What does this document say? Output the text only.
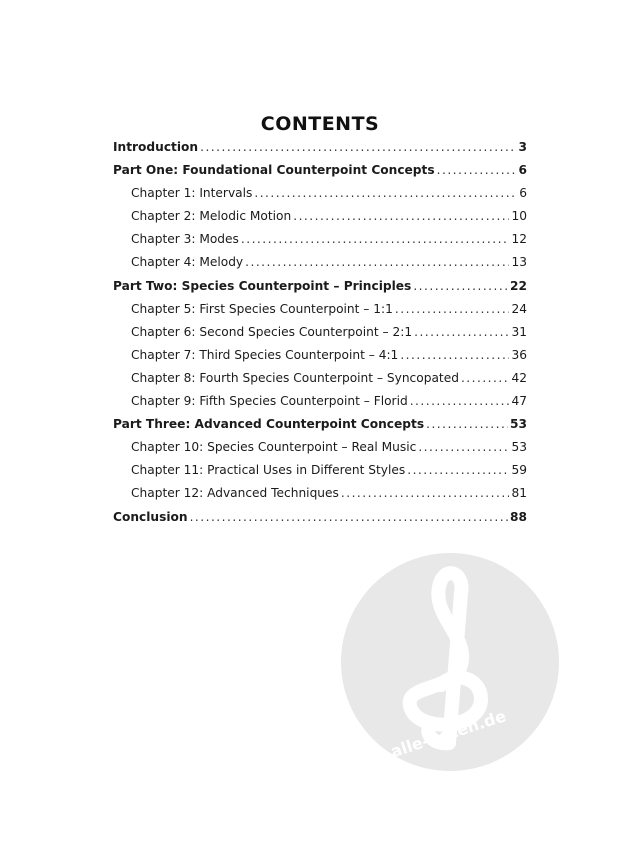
CONTENTS
Introduction . . .	3
Part One: Foundational Counterpoint Concepts . . .	6
Chapter 1: Intervals . . .	6
Chapter 2: Melodic Motion . . .	10
Chapter 3: Modes . . .	12
Chapter 4: Melody . . .	13
Part Two: Species Counterpoint – Principles . . .	22
Chapter 5: First Species Counterpoint – 1:1 . . .	24
Chapter 6: Second Species Counterpoint – 2:1 . . .	31
Chapter 7: Third Species Counterpoint – 4:1 . . .	36
Chapter 8: Fourth Species Counterpoint – Syncopated . . .	42
Chapter 9: Fifth Species Counterpoint – Florid . . .	47
Part Three: Advanced Counterpoint Concepts . . .	53
Chapter 10: Species Counterpoint – Real Music . . .	53
Chapter 11: Practical Uses in Different Styles . . .	59
Chapter 12: Advanced Techniques . . .	81
Conclusion . . .	88
alle-noten.de
